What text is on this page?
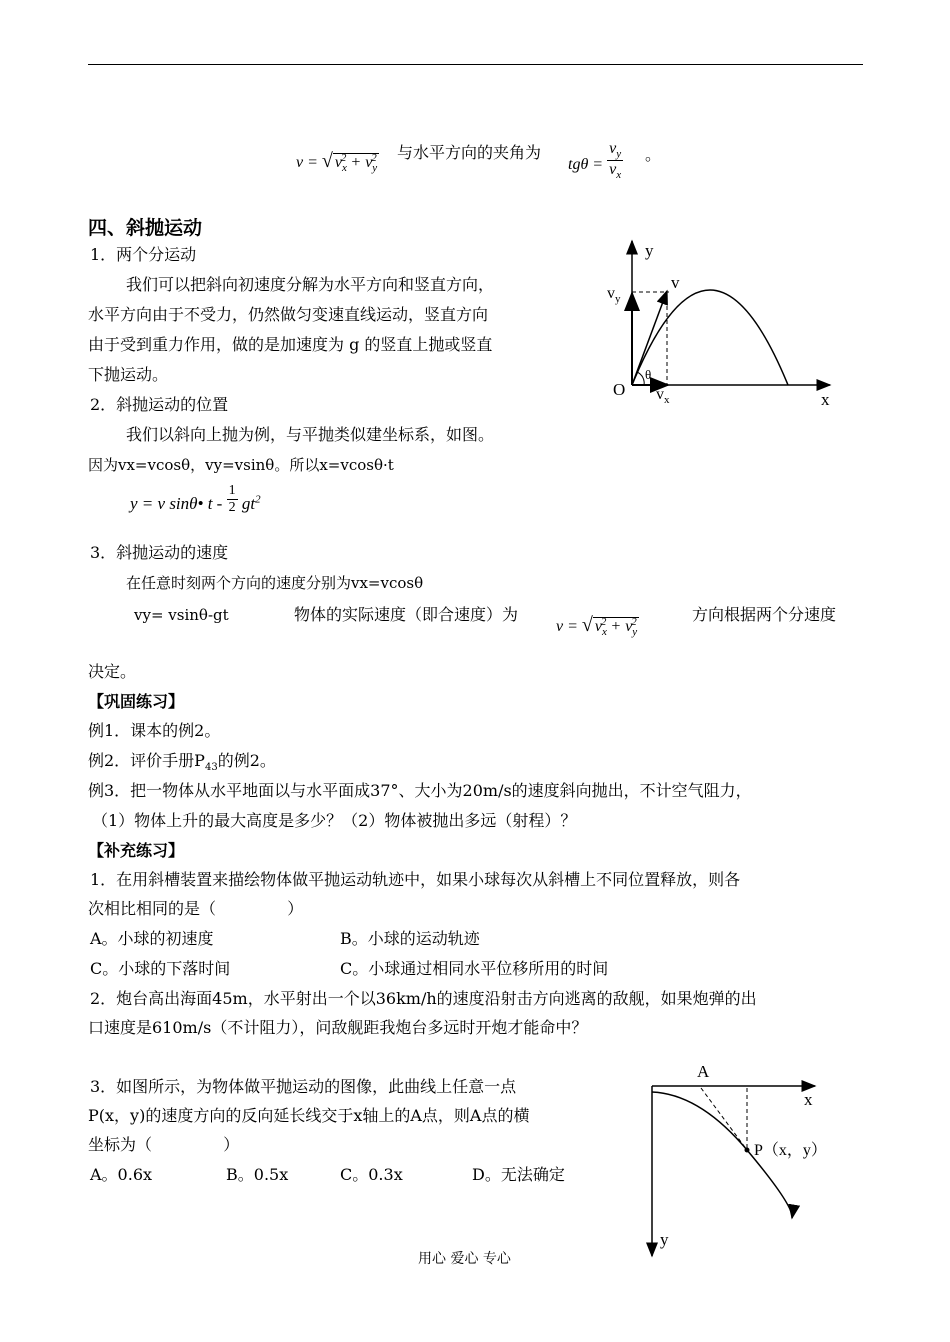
v = √ $v_x^2 + v_y^2$ 与水平方向的夹角为
$tg\theta = \frac{v_y}{v_x}$ 。
四、斜抛运动
1．两个分运动
我们可以把斜向初速度分解为水平方向和竖直方向，
水平方向由于不受力，仍然做匀变速直线运动，竖直方向
由于受到重力作用，做的是加速度为 g 的竖直上抛或竖直
下抛运动。
2．斜抛运动的位置
我们以斜向上抛为例，与平抛类似建坐标系，如图。
因为vx=vcosθ，vy=vsinθ。所以x=vcosθ·t
y = v sinθ• t - $\frac{1}{2} gt^2$
3．斜抛运动的速度
在任意时刻两个方向的速度分别为vx=vcosθ
vy= vsinθ-gt	物体的实际速度（即合速度）为
v = √ $v_x^2 + v_y^2$	方向根据两个分速度
决定。
y
x
v
$v_y$
$v_x$
O
θ
【巩固练习】
例1．课本的例2。
例2．评价手册$P_{43}$的例2。
例3．把一物体从水平地面以与水平面成37°、大小为20m/s的速度斜向抛出，不计空气阻力，
（1）物体上升的最大高度是多少？（2）物体被抛出多远（射程）？
【补充练习】
1．在用斜槽装置来描绘物体做平抛运动轨迹中，如果小球每次从斜槽上不同位置释放，则各
次相比相同的是（              ）
A。小球的初速度	B。小球的运动轨迹
C。小球的下落时间	C。小球通过相同水平位移所用的时间
2．炮台高出海面45m，水平射出一个以36km/h的速度沿射击方向逃离的敌舰，如果炮弹的出
口速度是610m/s（不计阻力），问敌舰距我炮台多远时开炮才能命中？
3．如图所示，为物体做平抛运动的图像，此曲线上任意一点
P(x，y)的速度方向的反向延长线交于x轴上的A点，则A点的横
坐标为（              ）
A。0.6x	B。0.5x	C。0.3x	D。无法确定
A
x
y
P（x，y）
用心 爱心 专心
